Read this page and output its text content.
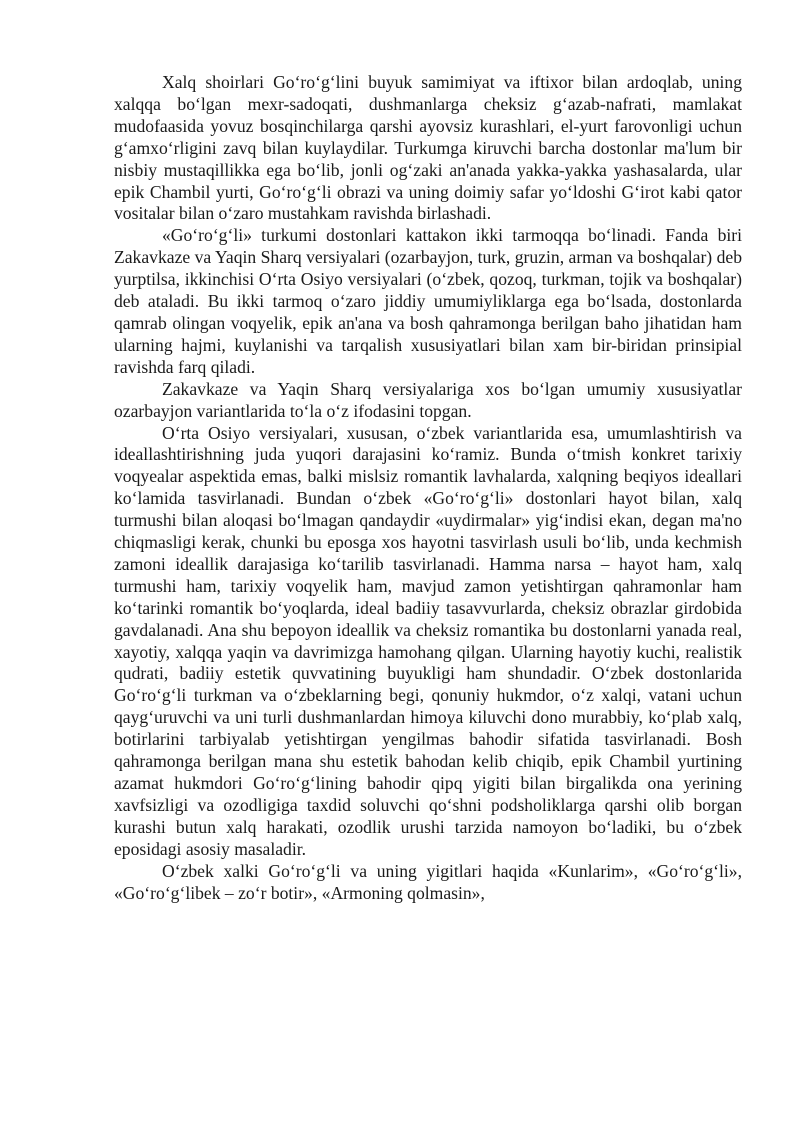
Xalq shoirlari Go‘ro‘g‘lini buyuk samimiyat va iftixor bilan ardoqlab, uning xalqqa bo‘lgan mexr-sadoqati, dushmanlarga cheksiz g‘azab-nafrati, mamlakat mudofaasida yovuz bosqinchilarga qarshi ayovsiz kurashlari, el-yurt farovonligi uchun g‘amxo‘rligini zavq bilan kuylaydilar. Turkumga kiruvchi barcha dostonlar ma'lum bir nisbiy mustaqillikka ega bo‘lib, jonli og‘zaki an'anada yakka-yakka yashasalarda, ular epik Chambil yurti, Go‘ro‘g‘li obrazi va uning doimiy safar yo‘ldoshi G‘irot kabi qator vositalar bilan o‘zaro mustahkam ravishda birlashadi.

«Go‘ro‘g‘li» turkumi dostonlari kattakon ikki tarmoqqa bo‘linadi. Fanda biri Zakavkaze va Yaqin Sharq versiyalari (ozarbayjon, turk, gruzin, arman va boshqalar) deb yurptilsa, ikkinchisi O‘rta Osiyo versiyalari (o‘zbek, qozoq, turkman, tojik va boshqalar) deb ataladi. Bu ikki tarmoq o‘zaro jiddiy umumiyliklarga ega bo‘lsada, dostonlarda qamrab olingan voqyelik, epik an'ana va bosh qahramonga berilgan baho jihatidan ham ularning hajmi, kuylanishi va tarqalish xususiyatlari bilan xam bir-biridan prinsipial ravishda farq qiladi.

Zakavkaze va Yaqin Sharq versiyalariga xos bo‘lgan umumiy xususiyatlar ozarbayjon variantlarida to‘la o‘z ifodasini topgan.

O‘rta Osiyo versiyalari, xususan, o‘zbek variantlarida esa, umumlashtirish va ideallashtirishning juda yuqori darajasini ko‘ramiz. Bunda o‘tmish konkret tarixiy voqyealar aspektida emas, balki mislsiz romantik lavhalarda, xalqning beqiyos ideallari ko‘lamida tasvirlanadi. Bundan o‘zbek «Go‘ro‘g‘li» dostonlari hayot bilan, xalq turmushi bilan aloqasi bo‘lmagan qandaydir «uydirmalar» yig‘indisi ekan, degan ma'no chiqmasligi kerak, chunki bu eposga xos hayotni tasvirlash usuli bo‘lib, unda kechmish zamoni ideallik darajasiga ko‘tarilib tasvirlanadi. Hamma narsa – hayot ham, xalq turmushi ham, tarixiy voqyelik ham, mavjud zamon yetishtirgan qahramonlar ham ko‘tarinki romantik bo‘yoqlarda, ideal badiiy tasavvurlarda, cheksiz obrazlar girdobida gavdalanadi. Ana shu bepoyon ideallik va cheksiz romantika bu dostonlarni yanada real, xayotiy, xalqqa yaqin va davrimizga hamohang qilgan. Ularning hayotiy kuchi, realistik qudrati, badiiy estetik quvvatining buyukligi ham shundadir. O‘zbek dostonlarida Go‘ro‘g‘li turkman va o‘zbeklarning begi, qonuniy hukmdor, o‘z xalqi, vatani uchun qayg‘uruvchi va uni turli dushmanlardan himoya kiluvchi dono murabbiy, ko‘plab xalq, botirlarini tarbiyalab yetishtirgan yengilmas bahodir sifatida tasvirlanadi. Bosh qahramonga berilgan mana shu estetik bahodan kelib chiqib, epik Chambil yurtining azamat hukmdori Go‘ro‘g‘lining bahodir qipq yigiti bilan birgalikda ona yerining xavfsizligi va ozodligiga taxdid soluvchi qo‘shni podsholiklarga qarshi olib borgan kurashi butun xalq harakati, ozodlik urushi tarzida namoyon bo‘ladiki, bu o‘zbek eposidagi asosiy masaladir.

O‘zbek xalki Go‘ro‘g‘li va uning yigitlari haqida «Kunlarim», «Go‘ro‘g‘li», «Go‘ro‘g‘libek – zo‘r botir», «Armoning qolmasin»,
